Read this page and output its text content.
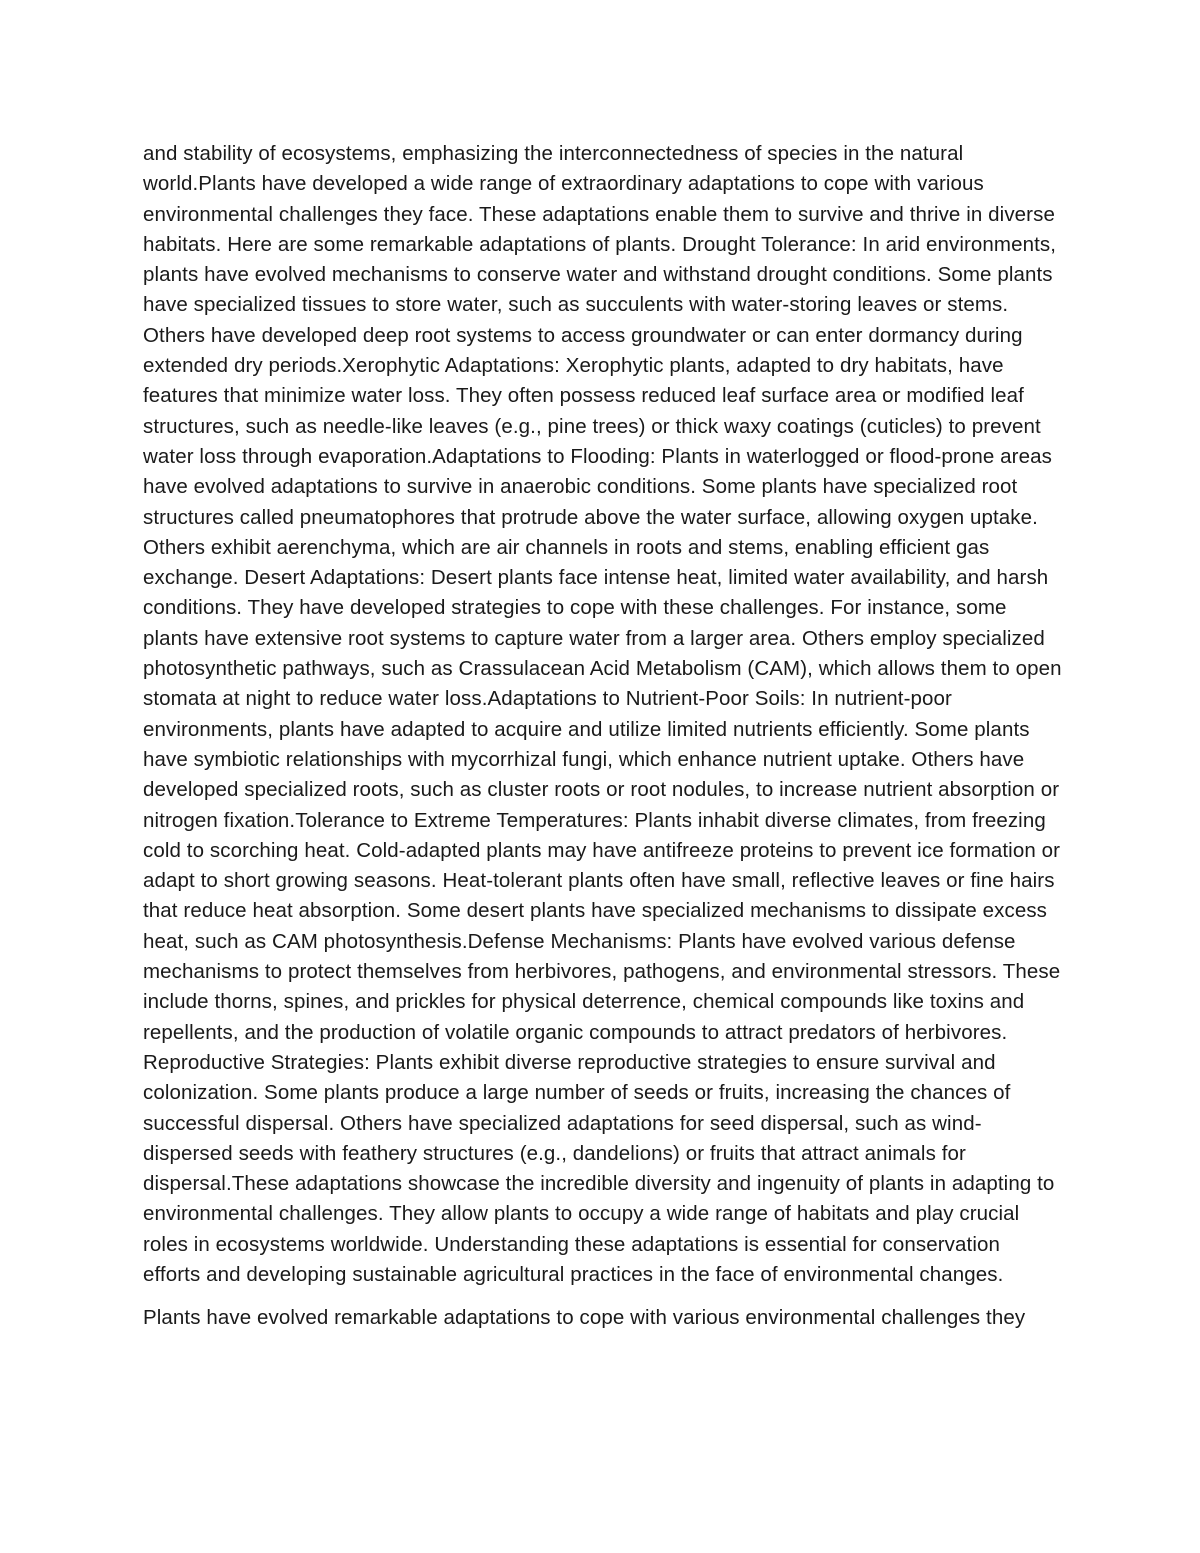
and stability of ecosystems, emphasizing the interconnectedness of species in the natural world.Plants have developed a wide range of extraordinary adaptations to cope with various environmental challenges they face. These adaptations enable them to survive and thrive in diverse habitats. Here are some remarkable adaptations of plants. Drought Tolerance: In arid environments, plants have evolved mechanisms to conserve water and withstand drought conditions. Some plants have specialized tissues to store water, such as succulents with water-storing leaves or stems. Others have developed deep root systems to access groundwater or can enter dormancy during extended dry periods.Xerophytic Adaptations: Xerophytic plants, adapted to dry habitats, have features that minimize water loss. They often possess reduced leaf surface area or modified leaf structures, such as needle-like leaves (e.g., pine trees) or thick waxy coatings (cuticles) to prevent water loss through evaporation.Adaptations to Flooding: Plants in waterlogged or flood-prone areas have evolved adaptations to survive in anaerobic conditions. Some plants have specialized root structures called pneumatophores that protrude above the water surface, allowing oxygen uptake. Others exhibit aerenchyma, which are air channels in roots and stems, enabling efficient gas exchange. Desert Adaptations: Desert plants face intense heat, limited water availability, and harsh conditions. They have developed strategies to cope with these challenges. For instance, some plants have extensive root systems to capture water from a larger area. Others employ specialized photosynthetic pathways, such as Crassulacean Acid Metabolism (CAM), which allows them to open stomata at night to reduce water loss.Adaptations to Nutrient-Poor Soils: In nutrient-poor environments, plants have adapted to acquire and utilize limited nutrients efficiently. Some plants have symbiotic relationships with mycorrhizal fungi, which enhance nutrient uptake. Others have developed specialized roots, such as cluster roots or root nodules, to increase nutrient absorption or nitrogen fixation.Tolerance to Extreme Temperatures: Plants inhabit diverse climates, from freezing cold to scorching heat. Cold-adapted plants may have antifreeze proteins to prevent ice formation or adapt to short growing seasons. Heat-tolerant plants often have small, reflective leaves or fine hairs that reduce heat absorption. Some desert plants have specialized mechanisms to dissipate excess heat, such as CAM photosynthesis.Defense Mechanisms: Plants have evolved various defense mechanisms to protect themselves from herbivores, pathogens, and environmental stressors. These include thorns, spines, and prickles for physical deterrence, chemical compounds like toxins and repellents, and the production of volatile organic compounds to attract predators of herbivores. Reproductive Strategies: Plants exhibit diverse reproductive strategies to ensure survival and colonization. Some plants produce a large number of seeds or fruits, increasing the chances of successful dispersal. Others have specialized adaptations for seed dispersal, such as wind-dispersed seeds with feathery structures (e.g., dandelions) or fruits that attract animals for dispersal.These adaptations showcase the incredible diversity and ingenuity of plants in adapting to environmental challenges. They allow plants to occupy a wide range of habitats and play crucial roles in ecosystems worldwide. Understanding these adaptations is essential for conservation efforts and developing sustainable agricultural practices in the face of environmental changes.

Plants have evolved remarkable adaptations to cope with various environmental challenges they
